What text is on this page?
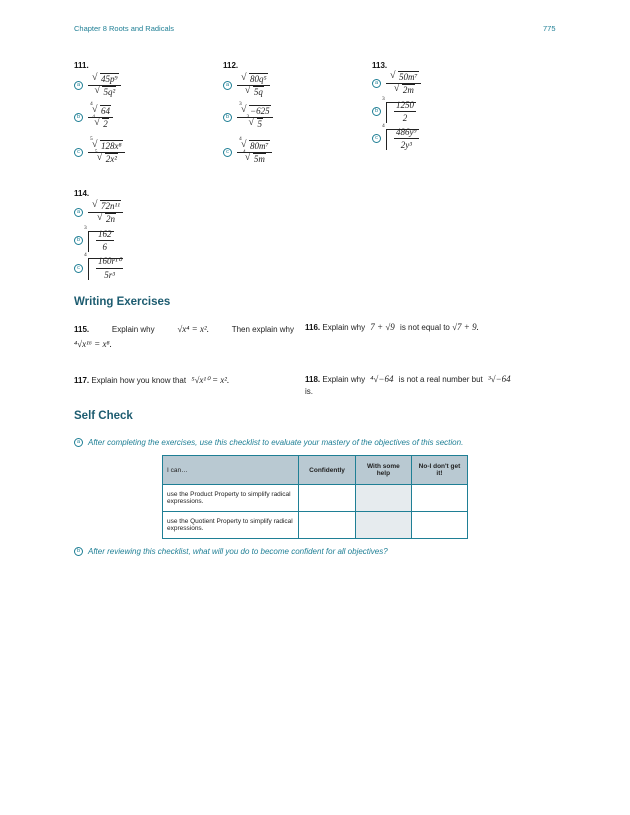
Chapter 8 Roots and Radicals	775
111.
a √ 45p⁹
√ 5q²
b	√ 4
64
√ 4
2
c	√ 5
128x⁸
√ 5
2x²
112.
a √ 80q⁵
√ 5q
b	√ 3
−625
√ 3
5
c	√ 4
80m⁷
√ 4
5m
113.
a √ 50m⁷
√ 2m
b
3
$\frac{1250}{2}$
c
4
$\frac{\text{486y⁹}}{\text{2y³}}$
114.
a √ 72n¹¹
√ 2n
b
3
$\frac{162}{6}$
c
4
$\frac{\text{160r¹⁰}}{\text{5r³}}$
Writing Exercises
115.	Explain why	√x⁴ = x².	Then explain why
⁴√x¹⁶ = x⁸.
116. Explain why 7 + √9 is not equal to √7 + 9.
117. Explain how you know that ⁵√x¹⁰ = x².	118. Explain why ⁴√−64 is not a real number but ³√−64
is.
Self Check
a After completing the exercises, use this checklist to evaluate your mastery of the objectives of this section.
I can…	Confidently	With some help	No-I don't get it!
use the Product Property to simplify radical expressions.			
use the Quotient Property to simplify radical expressions.			
b After reviewing this checklist, what will you do to become confident for all objectives?
